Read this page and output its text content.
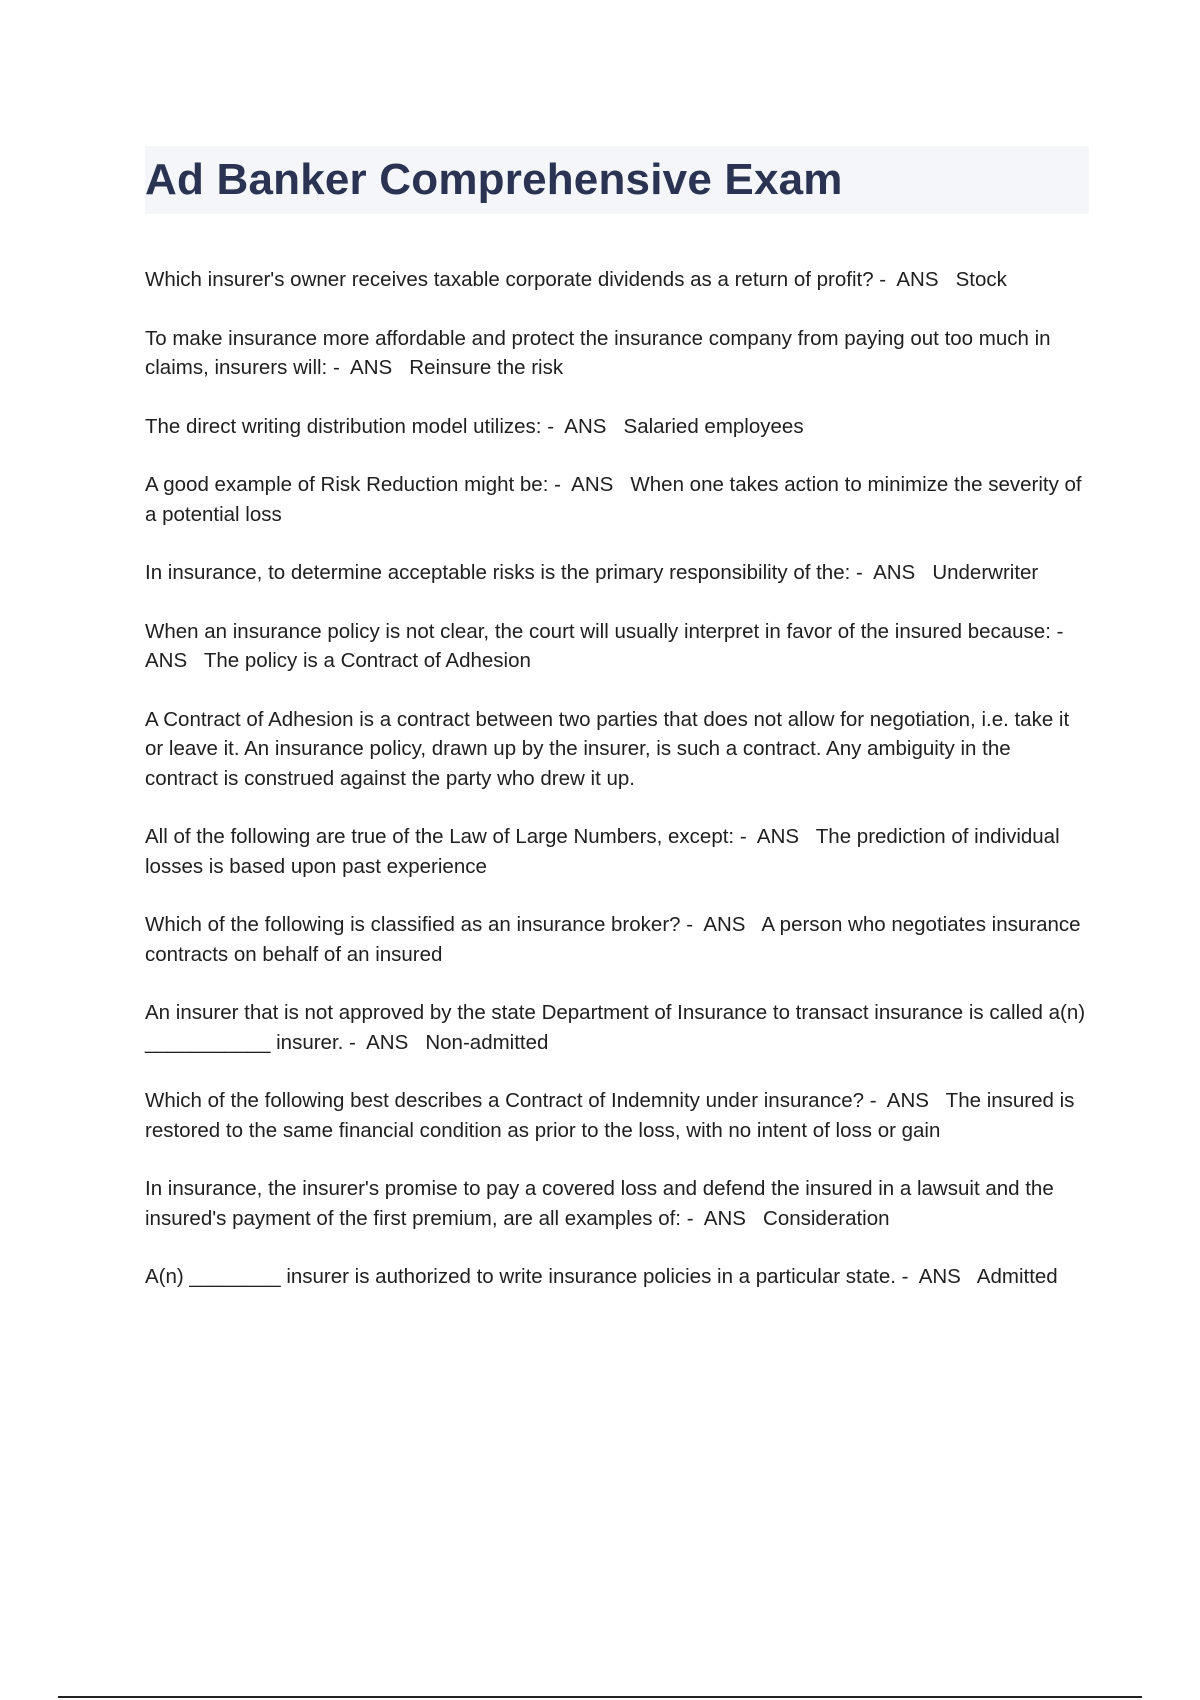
Ad Banker Comprehensive Exam

Which insurer's owner receives taxable corporate dividends as a return of profit? -  ANS   Stock

To make insurance more affordable and protect the insurance company from paying out too much in claims, insurers will: -  ANS   Reinsure the risk

The direct writing distribution model utilizes: -  ANS   Salaried employees

A good example of Risk Reduction might be: -  ANS   When one takes action to minimize the severity of a potential loss

In insurance, to determine acceptable risks is the primary responsibility of the: -  ANS   Underwriter

When an insurance policy is not clear, the court will usually interpret in favor of the insured because: -  ANS   The policy is a Contract of Adhesion

A Contract of Adhesion is a contract between two parties that does not allow for negotiation, i.e. take it or leave it. An insurance policy, drawn up by the insurer, is such a contract. Any ambiguity in the contract is construed against the party who drew it up.

All of the following are true of the Law of Large Numbers, except: -  ANS   The prediction of individual losses is based upon past experience

Which of the following is classified as an insurance broker? -  ANS   A person who negotiates insurance contracts on behalf of an insured

An insurer that is not approved by the state Department of Insurance to transact insurance is called a(n) ___________ insurer. -  ANS   Non-admitted

Which of the following best describes a Contract of Indemnity under insurance? -  ANS   The insured is restored to the same financial condition as prior to the loss, with no intent of loss or gain

In insurance, the insurer's promise to pay a covered loss and defend the insured in a lawsuit and the insured's payment of the first premium, are all examples of: -  ANS   Consideration

A(n) ________ insurer is authorized to write insurance policies in a particular state. -  ANS   Admitted
